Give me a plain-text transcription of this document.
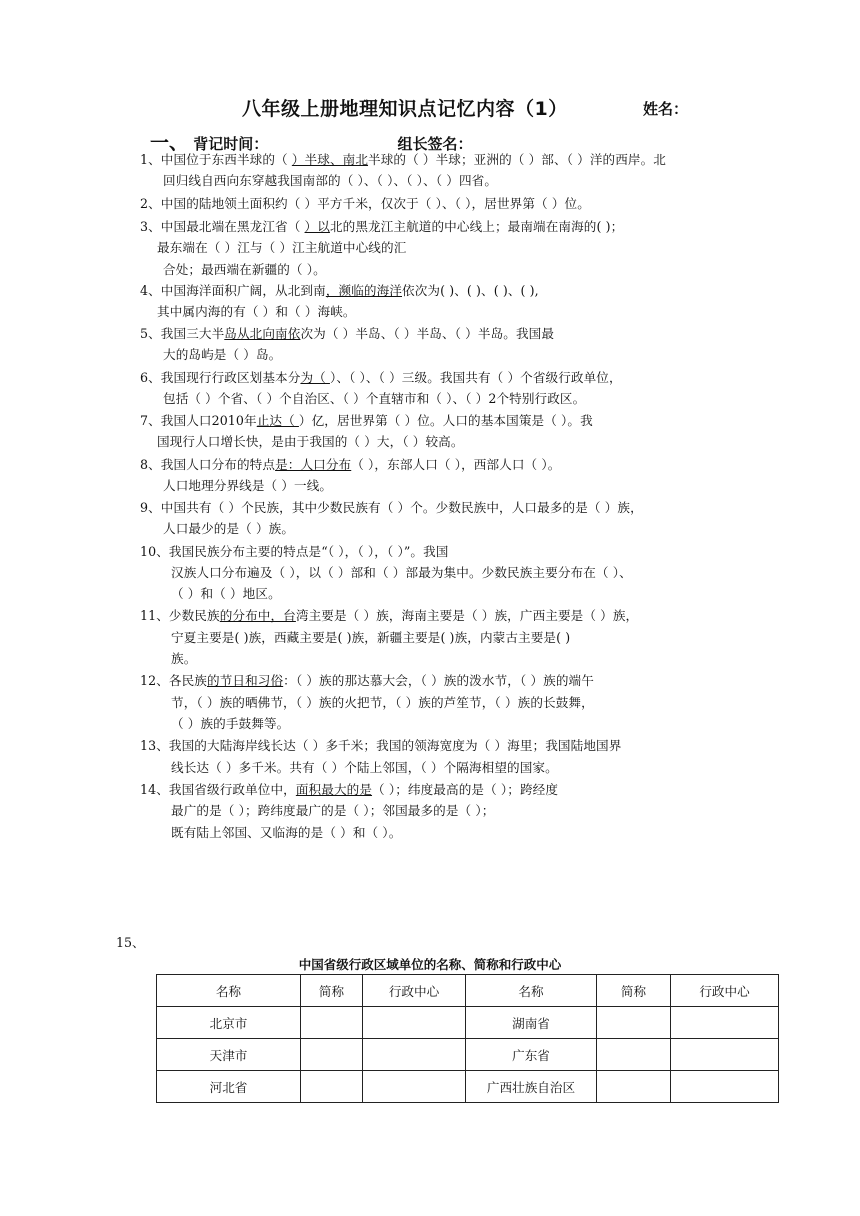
八年级上册地理知识点记忆内容（1）	姓名：
一、 背记时间：	组长签名：
1、中国位于东西半球的（ ）半球、南北半球的（ ）半球；亚洲的（ ）部、（ ）洋的西岸。北
回归线自西向东穿越我国南部的（ ）、（ ）、（ ）、（ ）四省。
2、中国的陆地领土面积约（ ）平方千米，仅次于（ ）、（ ），居世界第（ ）位。
3、中国最北端在黑龙江省（ ）以北的黑龙江主航道的中心线上；最南端在南海的( )；
最东端在（ ）江与（ ）江主航道中心线的汇
合处；最西端在新疆的（ ）。
4、中国海洋面积广阔，从北到南，濒临的海洋依次为( )、( )、( )、( ),
其中属内海的有（ ）和（ ）海峡。
5、我国三大半岛从北向南依次为（ ）半岛、（ ）半岛、（ ）半岛。我国最
大的岛屿是（ ）岛。
6、我国现行行政区划基本分为（ ）、（ ）、（ ）三级。我国共有（ ）个省级行政单位，
包括（ ）个省、（ ）个自治区、（ ）个直辖市和（ ）、（ ）2个特别行政区。
7、我国人口2010年止达（ ）亿，居世界第（ ）位。人口的基本国策是（ ）。我
国现行人口增长快，是由于我国的（ ）大，（ ）较高。
8、我国人口分布的特点是：人口分布（ ），东部人口（ ），西部人口（ ）。
人口地理分界线是（ ）一线。
9、中国共有（ ）个民族，其中少数民族有（ ）个。少数民族中，人口最多的是（ ）族，
人口最少的是（ ）族。
10、我国民族分布主要的特点是“（ ），（ ），（ ）”。我国
汉族人口分布遍及（ ），以（ ）部和（ ）部最为集中。少数民族主要分布在（ ）、
（ ）和（ ）地区。
11、少数民族的分布中，台湾主要是（ ）族，海南主要是（ ）族，广西主要是（ ）族，
宁夏主要是( )族，西藏主要是( )族，新疆主要是( )族，内蒙古主要是( )
族。
12、各民族的节日和习俗：（ ）族的那达慕大会，（ ）族的泼水节，（ ）族的端午
节，（ ）族的晒佛节，（ ）族的火把节，（ ）族的芦笙节，（ ）族的长鼓舞，
（ ）族的手鼓舞等。
13、我国的大陆海岸线长达（ ）多千米；我国的领海宽度为（ ）海里；我国陆地国界
线长达（ ）多千米。共有（ ）个陆上邻国，（ ）个隔海相望的国家。
14、我国省级行政单位中，面积最大的是（ ）；纬度最高的是（ ）；跨经度
最广的是（ ）；跨纬度最广的是（ ）；邻国最多的是（ ）；
既有陆上邻国、又临海的是（ ）和（ ）。
15、
中国省级行政区域单位的名称、简称和行政中心
名称	简称	行政中心	名称	简称	行政中心
北京市			湖南省		
天津市			广东省		
河北省			广西壮族自治区		
